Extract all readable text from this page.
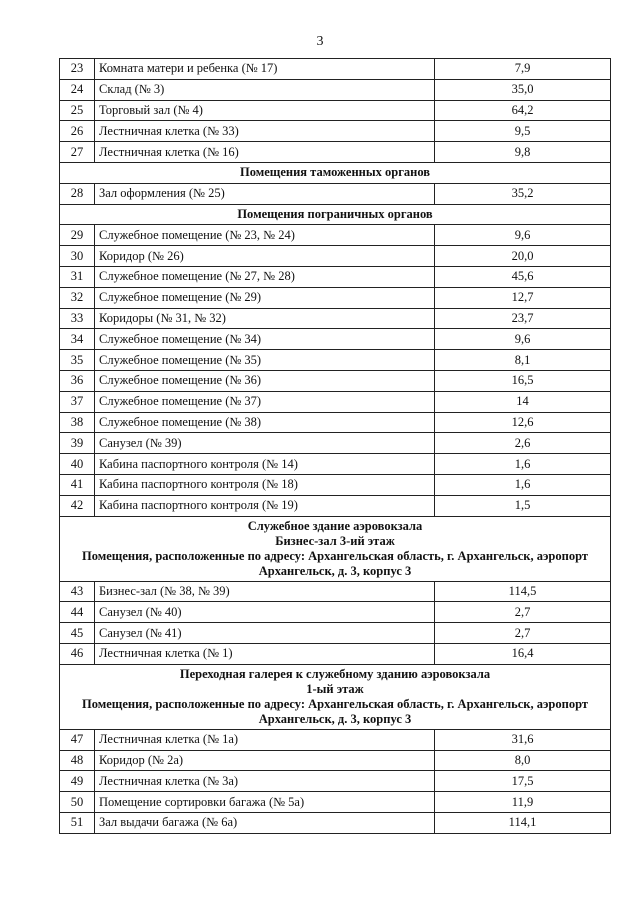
3
23	Комната матери и ребенка (№ 17)	7,9
24	Склад (№ 3)	35,0
25	Торговый зал (№ 4)	64,2
26	Лестничная клетка (№ 33)	9,5
27	Лестничная клетка (№ 16)	9,8

Помещения таможенных органов		

28	Зал оформления (№ 25)	35,2

Помещения пограничных органов		

29	Служебное помещение (№ 23, № 24)	9,6
30	Коридор (№ 26)	20,0
31	Служебное помещение (№ 27, № 28)	45,6
32	Служебное помещение (№ 29)	12,7
33	Коридоры (№ 31, № 32)	23,7
34	Служебное помещение (№ 34)	9,6
35	Служебное помещение (№ 35)	8,1
36	Служебное помещение (№ 36)	16,5
37	Служебное помещение (№ 37)	14
38	Служебное помещение (№ 38)	12,6
39	Санузел (№ 39)	2,6
40	Кабина паспортного контроля (№ 14)	1,6
41	Кабина паспортного контроля (№ 18)	1,6
42	Кабина паспортного контроля (№ 19)	1,5

Служебное здание аэровокзала
Бизнес-зал 3-ий этаж
Помещения, расположенные по адресу: Архангельская область, г. Архангельск, аэропорт
Архангельск, д. 3, корпус 3		

43	Бизнес-зал (№ 38, № 39)	114,5
44	Санузел (№ 40)	2,7
45	Санузел (№ 41)	2,7
46	Лестничная клетка (№ 1)	16,4

Переходная галерея к служебному зданию аэровокзала
1-ый этаж
Помещения, расположенные по адресу: Архангельская область, г. Архангельск, аэропорт
Архангельск, д. 3, корпус 3		

47	Лестничная клетка (№ 1а)	31,6
48	Коридор (№ 2а)	8,0
49	Лестничная клетка (№ 3а)	17,5
50	Помещение сортировки багажа (№ 5а)	11,9
51	Зал выдачи багажа (№ 6а)	114,1
